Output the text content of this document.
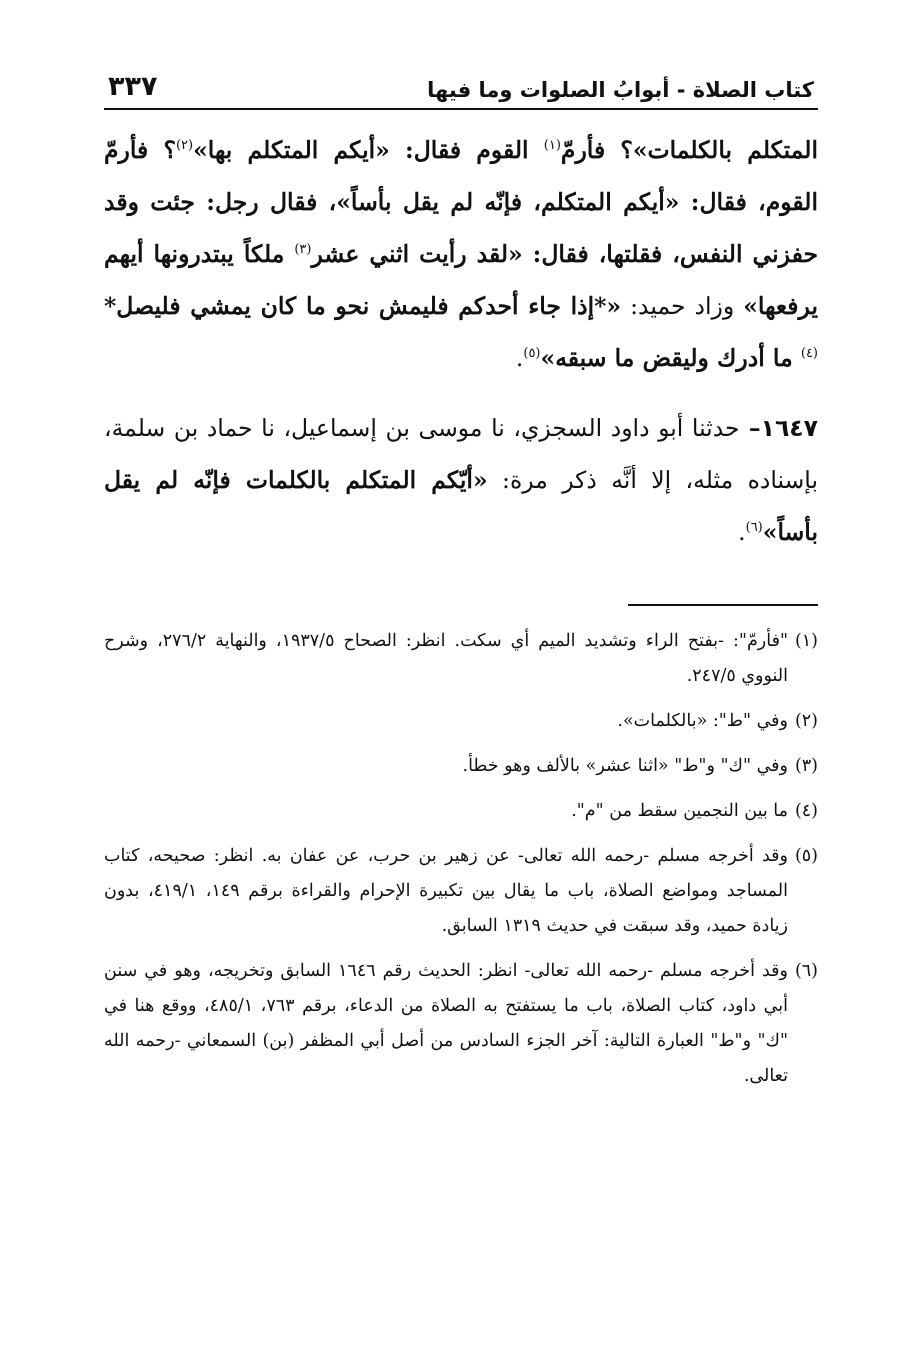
كتاب الصلاة - أبوابُ الصلوات وما فيها
٣٣٧

المتكلم بالكلمات»؟ فأرمّ$^{(١)}$ القوم فقال: «أيكم المتكلم بها»$^{(٢)}$؟ فأرمّ القوم، فقال: «أيكم المتكلم، فإنّه لم يقل بأساً»، فقال رجل: جئت وقد حفزني النفس، فقلتها، فقال: «لقد رأيت اثني عشر$^{(٣)}$ ملكاً يبتدرونها أيهم يرفعها» وزاد حميد: «*إذا جاء أحدكم فليمش نحو ما كان يمشي فليصل*$^{(٤)}$ ما أدرك وليقض ما سبقه»$^{(٥)}$.

١٦٤٧– حدثنا أبو داود السجزي، نا موسى بن إسماعيل، نا حماد بن سلمة، بإسناده مثله، إلا أنَّه ذكر مرة: «أيّكم المتكلم بالكلمات فإنّه لم يقل بأساً»$^{(٦)}$.

(١)
"فأرمّ": -بفتح الراء وتشديد الميم أي سكت. انظر: الصحاح ١٩٣٧/٥، والنهاية ٢٧٦/٢، وشرح النووي ٢٤٧/٥.
(٢)
وفي "ط": «بالكلمات».
(٣)
وفي "ك" و"ط" «اثنا عشر» بالألف وهو خطأ.
(٤)
ما بين النجمين سقط من "م".
(٥)
وقد أخرجه مسلم -رحمه الله تعالى- عن زهير بن حرب، عن عفان به. انظر: صحيحه، كتاب المساجد ومواضع الصلاة، باب ما يقال بين تكبيرة الإحرام والقراءة برقم ١٤٩، ٤١٩/١، بدون زيادة حميد، وقد سبقت في حديث ١٣١٩ السابق.
(٦)
وقد أخرجه مسلم -رحمه الله تعالى- انظر: الحديث رقم ١٦٤٦ السابق وتخريجه، وهو في سنن أبي داود، كتاب الصلاة، باب ما يستفتح به الصلاة من الدعاء، برقم ٧٦٣، ٤٨٥/١، ووقع هنا في "ك" و"ط" العبارة التالية: آخر الجزء السادس من أصل أبي المظفر (بن) السمعاني -رحمه الله تعالى.
